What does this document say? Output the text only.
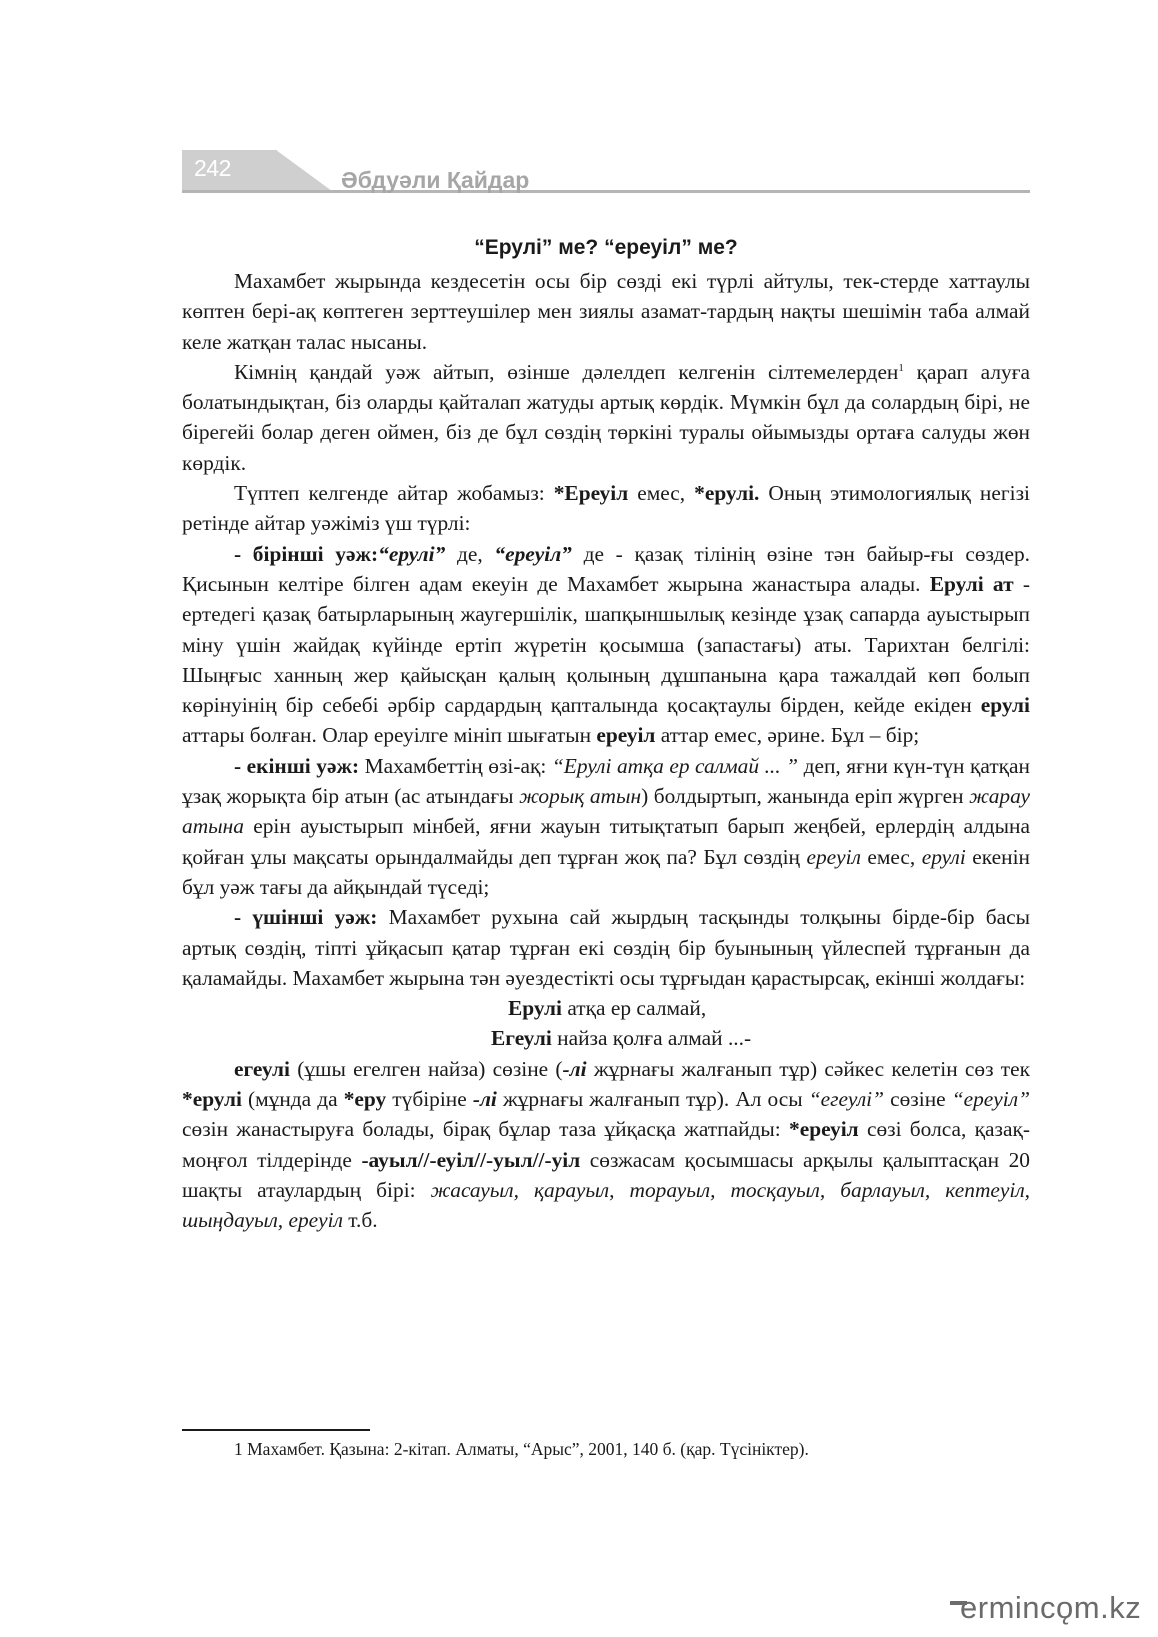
242	Әбдуәли Қайдар
“Ерулі” ме? “ереуіл” ме?

Махамбет жырында кездесетін осы бір сөзді екі түрлі айтулы, тек-стерде хаттаулы көптен бері-ақ көптеген зерттеушілер мен зиялы азамат-тардың нақты шешімін таба алмай келе жатқан талас нысаны.

Кімнің қандай уәж айтып, өзінше дәлелдеп келгенін сілтемелерден$^1$ қарап алуға болатындықтан, біз оларды қайталап жатуды артық көрдік. Мүмкін бұл да солардың бірі, не бірегейі болар деген оймен, біз де бұл сөздің төркіні туралы ойымызды ортаға салуды жөн көрдік.

Түптеп келгенде айтар жобамыз: *Ереуіл емес, *ерулі. Оның этимологиялық негізі ретінде айтар уәжіміз үш түрлі:

- бірінші уәж:“ерулі” де, “ереуіл” де - қазақ тілінің өзіне тән байыр-ғы сөздер. Қисынын келтіре білген адам екеуін де Махамбет жырына жанастыра алады. Ерулі ат - ертедегі қазақ батырларының жаугершілік, шапқыншылық кезінде ұзақ сапарда ауыстырып міну үшін жайдақ күйінде ертіп жүретін қосымша (запастағы) аты. Тарихтан белгілі: Шыңғыс ханның жер қайысқан қалың қолының дұшпанына қара тажалдай көп болып көрінуінің бір себебі әрбір сардардың қапталында қосақтаулы бірден, кейде екіден ерулі аттары болған. Олар ереуілге мініп шығатын ереуіл аттар емес, әрине. Бұл – бір;

- екінші уәж: Махамбеттің өзі-ақ: “Ерулі атқа ер салмай ... ” деп, яғни күн-түн қатқан ұзақ жорықта бір атын (ас атындағы жорық атын) болдыртып, жанында еріп жүрген жарау атына ерін ауыстырып мінбей, яғни жауын титықтатып барып жеңбей, ерлердің алдына қойған ұлы мақсаты орындалмайды деп тұрған жоқ па? Бұл сөздің ереуіл емес, ерулі екенін бұл уәж тағы да айқындай түседі;

- үшінші уәж: Махамбет рухына сай жырдың тасқынды толқыны бірде-бір басы артық сөздің, тіпті ұйқасып қатар тұрған екі сөздің бір буынының үйлеспей тұрғанын да қаламайды. Махамбет жырына тән әуездестікті осы тұрғыдан қарастырсақ, екінші жолдағы:

Ерулі атқа ер салмай,

Егеулі найза қолға алмай ...-

егеулі (ұшы егелген найза) сөзіне (-лі жұрнағы жалғанып тұр) сәйкес келетін сөз тек *ерулі (мұнда да *еру түбіріне -лі жұрнағы жалғанып тұр). Ал осы “егеулі” сөзіне “ереуіл” сөзін жанастыруға болады, бірақ бұлар таза ұйқасқа жатпайды: *ереуіл сөзі болса, қазақ-моңғол тілдерінде -ауыл//-еуіл//-уыл//-уіл сөзжасам қосымшасы арқылы қалыптасқан 20 шақты атаулардың бірі: жасауыл, қарауыл, торауыл, тосқауыл, барлауыл, кептеуіл, шыңдауыл, ереуіл т.б.

1 Махамбет. Қазына: 2-кітап. Алматы, “Арыс”, 2001, 140 б. (қар. Түсініктер).
ermincǫm.kz
